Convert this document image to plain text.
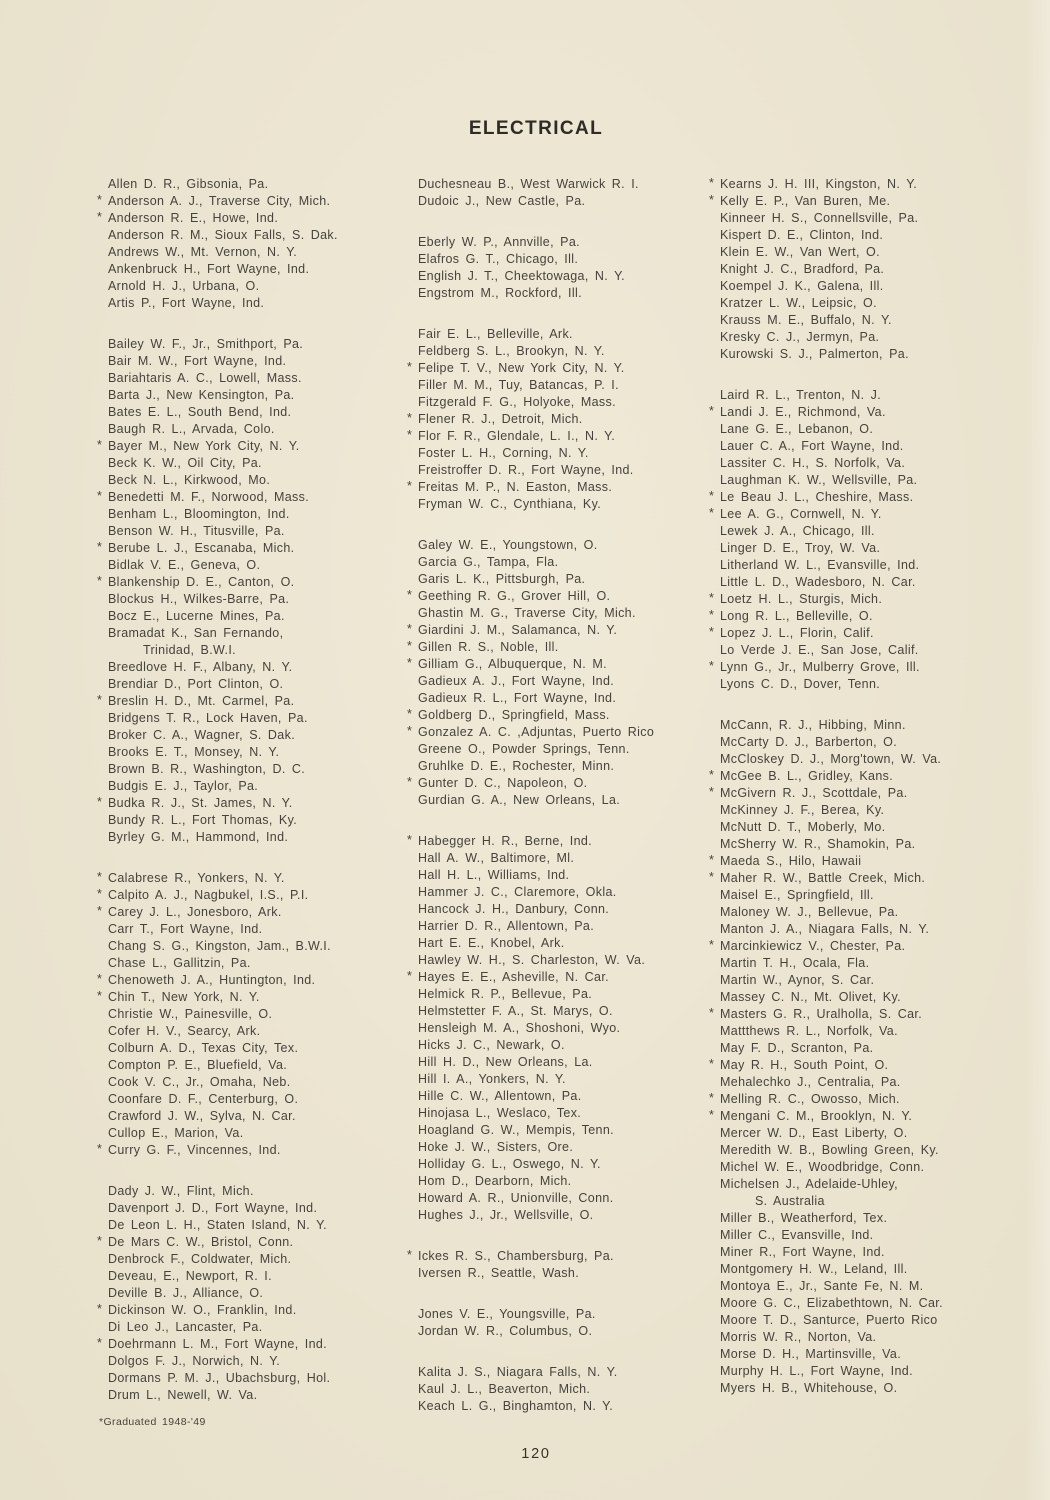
ELECTRICAL
Allen D. R., Gibsonia, Pa.
* Anderson A. J., Traverse City, Mich.
* Anderson R. E., Howe, Ind.
Anderson R. M., Sioux Falls, S. Dak.
Andrews W., Mt. Vernon, N. Y.
Ankenbruck H., Fort Wayne, Ind.
Arnold H. J., Urbana, O.
Artis P., Fort Wayne, Ind.
Bailey W. F., Jr., Smithport, Pa.
Bair M. W., Fort Wayne, Ind.
Bariahtaris A. C., Lowell, Mass.
Barta J., New Kensington, Pa.
Bates E. L., South Bend, Ind.
Baugh R. L., Arvada, Colo.
* Bayer M., New York City, N. Y.
Beck K. W., Oil City, Pa.
Beck N. L., Kirkwood, Mo.
* Benedetti M. F., Norwood, Mass.
Benham L., Bloomington, Ind.
Benson W. H., Titusville, Pa.
* Berube L. J., Escanaba, Mich.
Bidlak V. E., Geneva, O.
* Blankenship D. E., Canton, O.
Blockus H., Wilkes-Barre, Pa.
Bocz E., Lucerne Mines, Pa.
Bramadat K., San Fernando,
Trinidad, B.W.I.
Breedlove H. F., Albany, N. Y.
Brendiar D., Port Clinton, O.
* Breslin H. D., Mt. Carmel, Pa.
Bridgens T. R., Lock Haven, Pa.
Broker C. A., Wagner, S. Dak.
Brooks E. T., Monsey, N. Y.
Brown B. R., Washington, D. C.
Budgis E. J., Taylor, Pa.
* Budka R. J., St. James, N. Y.
Bundy R. L., Fort Thomas, Ky.
Byrley G. M., Hammond, Ind.
* Calabrese R., Yonkers, N. Y.
* Calpito A. J., Nagbukel, I.S., P.I.
* Carey J. L., Jonesboro, Ark.
Carr T., Fort Wayne, Ind.
Chang S. G., Kingston, Jam., B.W.I.
Chase L., Gallitzin, Pa.
* Chenoweth J. A., Huntington, Ind.
* Chin T., New York, N. Y.
Christie W., Painesville, O.
Cofer H. V., Searcy, Ark.
Colburn A. D., Texas City, Tex.
Compton P. E., Bluefield, Va.
Cook V. C., Jr., Omaha, Neb.
Coonfare D. F., Centerburg, O.
Crawford J. W., Sylva, N. Car.
Cullop E., Marion, Va.
* Curry G. F., Vincennes, Ind.
Dady J. W., Flint, Mich.
Davenport J. D., Fort Wayne, Ind.
De Leon L. H., Staten Island, N. Y.
* De Mars C. W., Bristol, Conn.
Denbrock F., Coldwater, Mich.
Deveau, E., Newport, R. I.
Deville B. J., Alliance, O.
* Dickinson W. O., Franklin, Ind.
Di Leo J., Lancaster, Pa.
* Doehrmann L. M., Fort Wayne, Ind.
Dolgos F. J., Norwich, N. Y.
Dormans P. M. J., Ubachsburg, Hol.
Drum L., Newell, W. Va.
Duchesneau B., West Warwick R. I.
Dudoic J., New Castle, Pa.
Eberly W. P., Annville, Pa.
Elafros G. T., Chicago, Ill.
English J. T., Cheektowaga, N. Y.
Engstrom M., Rockford, Ill.
Fair E. L., Belleville, Ark.
Feldberg S. L., Brookyn, N. Y.
* Felipe T. V., New York City, N. Y.
Filler M. M., Tuy, Batancas, P. I.
Fitzgerald F. G., Holyoke, Mass.
* Flener R. J., Detroit, Mich.
* Flor F. R., Glendale, L. I., N. Y.
Foster L. H., Corning, N. Y.
Freistroffer D. R., Fort Wayne, Ind.
* Freitas M. P., N. Easton, Mass.
Fryman W. C., Cynthiana, Ky.
Galey W. E., Youngstown, O.
Garcia G., Tampa, Fla.
Garis L. K., Pittsburgh, Pa.
* Geething R. G., Grover Hill, O.
Ghastin M. G., Traverse City, Mich.
* Giardini J. M., Salamanca, N. Y.
* Gillen R. S., Noble, Ill.
* Gilliam G., Albuquerque, N. M.
Gadieux A. J., Fort Wayne, Ind.
Gadieux R. L., Fort Wayne, Ind.
* Goldberg D., Springfield, Mass.
* Gonzalez A. C. ,Adjuntas, Puerto Rico
Greene O., Powder Springs, Tenn.
Gruhlke D. E., Rochester, Minn.
* Gunter D. C., Napoleon, O.
Gurdian G. A., New Orleans, La.
* Habegger H. R., Berne, Ind.
Hall A. W., Baltimore, Ml.
Hall H. L., Williams, Ind.
Hammer J. C., Claremore, Okla.
Hancock J. H., Danbury, Conn.
Harrier D. R., Allentown, Pa.
Hart E. E., Knobel, Ark.
Hawley W. H., S. Charleston, W. Va.
* Hayes E. E., Asheville, N. Car.
Helmick R. P., Bellevue, Pa.
Helmstetter F. A., St. Marys, O.
Hensleigh M. A., Shoshoni, Wyo.
Hicks J. C., Newark, O.
Hill H. D., New Orleans, La.
Hill I. A., Yonkers, N. Y.
Hille C. W., Allentown, Pa.
Hinojasa L., Weslaco, Tex.
Hoagland G. W., Mempis, Tenn.
Hoke J. W., Sisters, Ore.
Holliday G. L., Oswego, N. Y.
Hom D., Dearborn, Mich.
Howard A. R., Unionville, Conn.
Hughes J., Jr., Wellsville, O.
* Ickes R. S., Chambersburg, Pa.
Iversen R., Seattle, Wash.
Jones V. E., Youngsville, Pa.
Jordan W. R., Columbus, O.
Kalita J. S., Niagara Falls, N. Y.
Kaul J. L., Beaverton, Mich.
Keach L. G., Binghamton, N. Y.
* Kearns J. H. III, Kingston, N. Y.
* Kelly E. P., Van Buren, Me.
Kinneer H. S., Connellsville, Pa.
Kispert D. E., Clinton, Ind.
Klein E. W., Van Wert, O.
Knight J. C., Bradford, Pa.
Koempel J. K., Galena, Ill.
Kratzer L. W., Leipsic, O.
Krauss M. E., Buffalo, N. Y.
Kresky C. J., Jermyn, Pa.
Kurowski S. J., Palmerton, Pa.
Laird R. L., Trenton, N. J.
* Landi J. E., Richmond, Va.
Lane G. E., Lebanon, O.
Lauer C. A., Fort Wayne, Ind.
Lassiter C. H., S. Norfolk, Va.
Laughman K. W., Wellsville, Pa.
* Le Beau J. L., Cheshire, Mass.
* Lee A. G., Cornwell, N. Y.
Lewek J. A., Chicago, Ill.
Linger D. E., Troy, W. Va.
Litherland W. L., Evansville, Ind.
Little L. D., Wadesboro, N. Car.
* Loetz H. L., Sturgis, Mich.
* Long R. L., Belleville, O.
* Lopez J. L., Florin, Calif.
Lo Verde J. E., San Jose, Calif.
* Lynn G., Jr., Mulberry Grove, Ill.
Lyons C. D., Dover, Tenn.
McCann, R. J., Hibbing, Minn.
McCarty D. J., Barberton, O.
McCloskey D. J., Morg'town, W. Va.
* McGee B. L., Gridley, Kans.
* McGivern R. J., Scottdale, Pa.
McKinney J. F., Berea, Ky.
McNutt D. T., Moberly, Mo.
McSherry W. R., Shamokin, Pa.
* Maeda S., Hilo, Hawaii
* Maher R. W., Battle Creek, Mich.
Maisel E., Springfield, Ill.
Maloney W. J., Bellevue, Pa.
Manton J. A., Niagara Falls, N. Y.
* Marcinkiewicz V., Chester, Pa.
Martin T. H., Ocala, Fla.
Martin W., Aynor, S. Car.
Massey C. N., Mt. Olivet, Ky.
* Masters G. R., Uralholla, S. Car.
Mattthews R. L., Norfolk, Va.
May F. D., Scranton, Pa.
* May R. H., South Point, O.
Mehalechko J., Centralia, Pa.
* Melling R. C., Owosso, Mich.
* Mengani C. M., Brooklyn, N. Y.
Mercer W. D., East Liberty, O.
Meredith W. B., Bowling Green, Ky.
Michel W. E., Woodbridge, Conn.
Michelsen J., Adelaide-Uhley,
S. Australia
Miller B., Weatherford, Tex.
Miller C., Evansville, Ind.
Miner R., Fort Wayne, Ind.
Montgomery H. W., Leland, Ill.
Montoya E., Jr., Sante Fe, N. M.
Moore G. C., Elizabethtown, N. Car.
Moore T. D., Santurce, Puerto Rico
Morris W. R., Norton, Va.
Morse D. H., Martinsville, Va.
Murphy H. L., Fort Wayne, Ind.
Myers H. B., Whitehouse, O.
*Graduated 1948-'49
120
